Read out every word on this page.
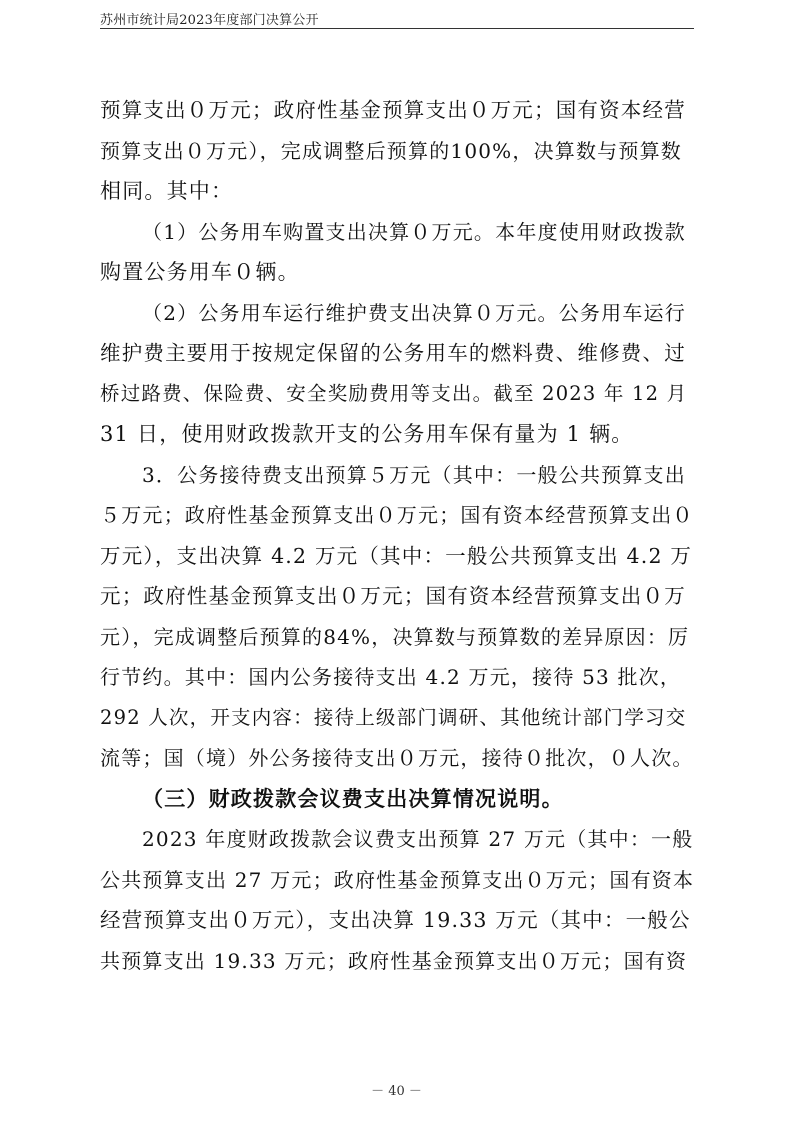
苏州市统计局2023年度部门决算公开
预算支出０万元；政府性基金预算支出０万元；国有资本经营
预算支出０万元），完成调整后预算的100%，决算数与预算数
相同。其中：
（1）公务用车购置支出决算０万元。本年度使用财政拨款
购置公务用车０辆。
（2）公务用车运行维护费支出决算０万元。公务用车运行
维护费主要用于按规定保留的公务用车的燃料费、维修费、过
桥过路费、保险费、安全奖励费用等支出。截至 2023 年 12 月
31 日，使用财政拨款开支的公务用车保有量为 1 辆。
3．公务接待费支出预算５万元（其中：一般公共预算支出
５万元；政府性基金预算支出０万元；国有资本经营预算支出０
万元），支出决算 4.2 万元（其中：一般公共预算支出 4.2 万
元；政府性基金预算支出０万元；国有资本经营预算支出０万
元），完成调整后预算的84%，决算数与预算数的差异原因：厉
行节约。其中：国内公务接待支出 4.2 万元，接待 53 批次，
292 人次，开支内容：接待上级部门调研、其他统计部门学习交
流等；国（境）外公务接待支出０万元，接待０批次，０人次。
（三）财政拨款会议费支出决算情况说明。
2023 年度财政拨款会议费支出预算 27 万元（其中：一般
公共预算支出 27 万元；政府性基金预算支出０万元；国有资本
经营预算支出０万元），支出决算 19.33 万元（其中：一般公
共预算支出 19.33 万元；政府性基金预算支出０万元；国有资
－ 40 －
